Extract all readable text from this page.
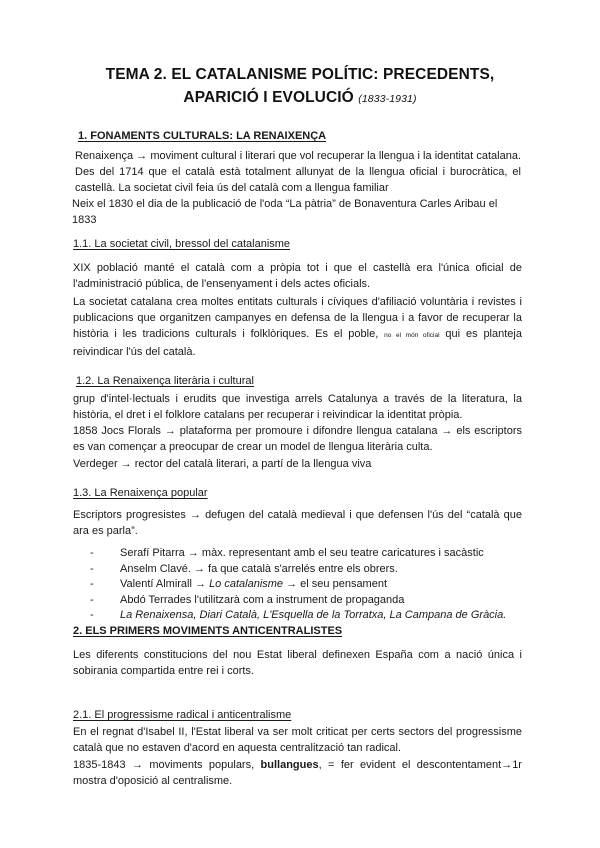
TEMA 2. EL CATALANISME POLÍTIC: PRECEDENTS,
APARICIÓ I EVOLUCIÓ (1833-1931)
1. FONAMENTS CULTURALS: LA RENAIXENÇA
Renaixença → moviment cultural i literari que vol recuperar la llengua i la identitat catalana. Des del 1714 que el català està totalment allunyat de la llengua oficial i burocràtica, el castellà. La societat civil feia ús del català com a llengua familiar
Neix el 1830 el dia de la publicació de l'oda “La pàtria” de Bonaventura Carles Aribau el 1833
1.1. La societat civil, bressol del catalanisme
XIX població manté el català com a pròpia tot i que el castellà era l'única oficial de l'administració pública, de l'ensenyament i dels actes oficials.
La societat catalana crea moltes entitats culturals i cíviques d'afiliació voluntària i revistes i publicacions que organitzen campanyes en defensa de la llengua i a favor de recuperar la història i les tradicions culturals i folklòriques. Es el poble, no el món oficial qui es planteja reivindicar l'ús del català.
1.2. La Renaixença literària i cultural
grup d'intel·lectuals i erudits que investiga arrels Catalunya a través de la literatura, la història, el dret i el folklore catalans per recuperar i reivindicar la identitat pròpia.
1858 Jocs Florals → plataforma per promoure i difondre llengua catalana → els escriptors es van començar a preocupar de crear un model de llengua literària culta.
Verdeger → rector del català literari, a partí de la llengua viva
1.3. La Renaixença popular
Escriptors progresistes → defugen del català medieval i que defensen l'ús del “català que ara es parla”.
- Serafí Pitarra → màx. representant amb el seu teatre caricatures i sacàstic
- Anselm Clavé. → fa que català s'arrelés entre els obrers.
- Valentí Almirall → Lo catalanisme → el seu pensament
- Abdó Terrades l'utilitzarà com a instrument de propaganda
- La Renaixensa, Diari Català, L'Esquella de la Torratxa, La Campana de Gràcia.
2. ELS PRIMERS MOVIMENTS ANTICENTRALISTES
Les diferents constitucions del nou Estat liberal definexen España com a nació única i sobirania compartida entre rei i corts.
2.1. El progressisme radical i anticentralisme
En el regnat d'Isabel II, l'Estat liberal va ser molt criticat per certs sectors del progressisme català que no estaven d'acord en aquesta centralització tan radical.
1835-1843 → moviments populars, bullangues, = fer evident el descontentament→1r mostra d'oposició al centralisme.
